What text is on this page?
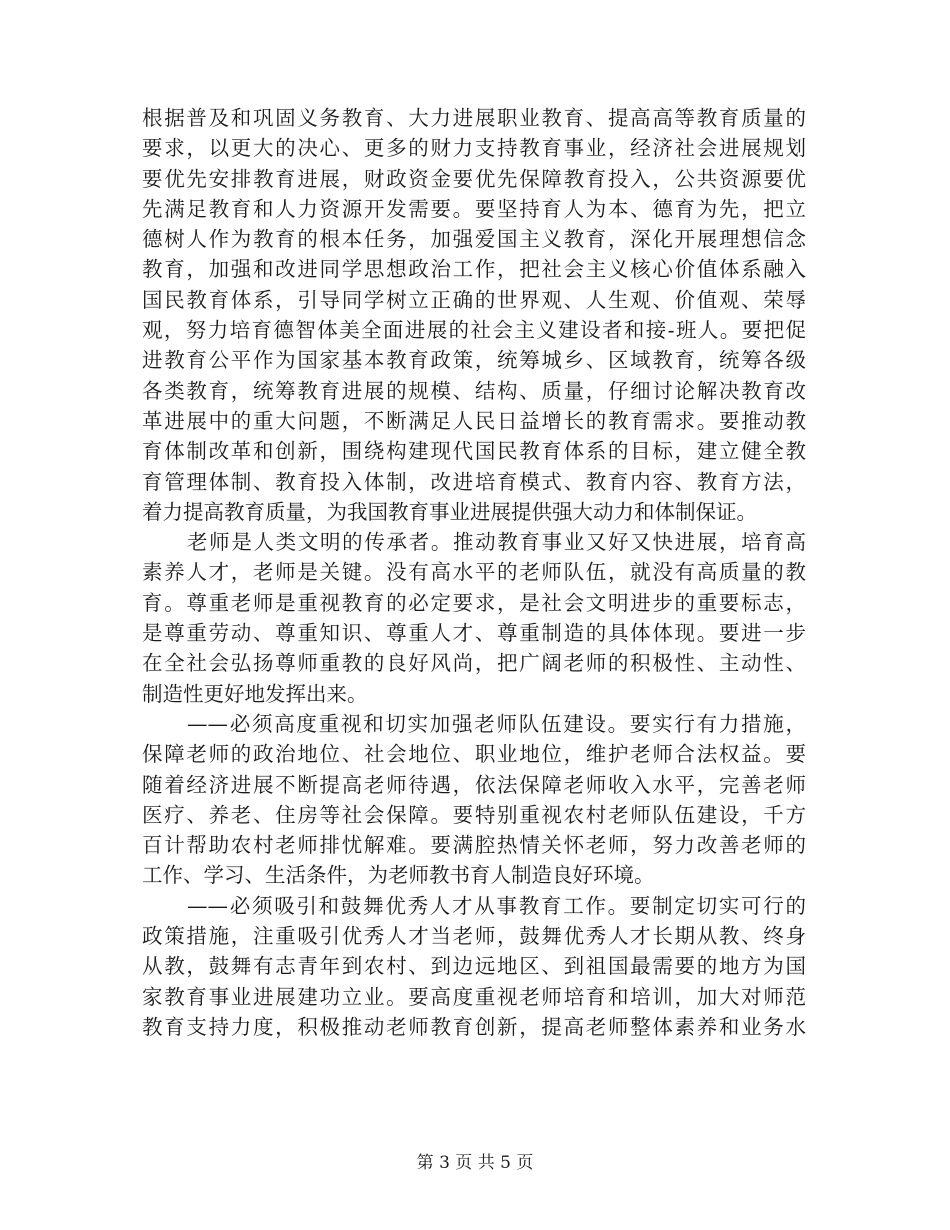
根据普及和巩固义务教育、大力进展职业教育、提高高等教育质量的
要求，以更大的决心、更多的财力支持教育事业，经济社会进展规划
要优先安排教育进展，财政资金要优先保障教育投入，公共资源要优
先满足教育和人力资源开发需要。要坚持育人为本、德育为先，把立
德树人作为教育的根本任务，加强爱国主义教育，深化开展理想信念
教育，加强和改进同学思想政治工作，把社会主义核心价值体系融入
国民教育体系，引导同学树立正确的世界观、人生观、价值观、荣辱
观，努力培育德智体美全面进展的社会主义建设者和接-班人。要把促
进教育公平作为国家基本教育政策，统筹城乡、区域教育，统筹各级
各类教育，统筹教育进展的规模、结构、质量，仔细讨论解决教育改
革进展中的重大问题，不断满足人民日益增长的教育需求。要推动教
育体制改革和创新，围绕构建现代国民教育体系的目标，建立健全教
育管理体制、教育投入体制，改进培育模式、教育内容、教育方法，
着力提高教育质量，为我国教育事业进展提供强大动力和体制保证。
老师是人类文明的传承者。推动教育事业又好又快进展，培育高
素养人才，老师是关键。没有高水平的老师队伍，就没有高质量的教
育。尊重老师是重视教育的必定要求，是社会文明进步的重要标志，
是尊重劳动、尊重知识、尊重人才、尊重制造的具体体现。要进一步
在全社会弘扬尊师重教的良好风尚，把广阔老师的积极性、主动性、
制造性更好地发挥出来。
——必须高度重视和切实加强老师队伍建设。要实行有力措施，
保障老师的政治地位、社会地位、职业地位，维护老师合法权益。要
随着经济进展不断提高老师待遇，依法保障老师收入水平，完善老师
医疗、养老、住房等社会保障。要特别重视农村老师队伍建设，千方
百计帮助农村老师排忧解难。要满腔热情关怀老师，努力改善老师的
工作、学习、生活条件，为老师教书育人制造良好环境。
——必须吸引和鼓舞优秀人才从事教育工作。要制定切实可行的
政策措施，注重吸引优秀人才当老师，鼓舞优秀人才长期从教、终身
从教，鼓舞有志青年到农村、到边远地区、到祖国最需要的地方为国
家教育事业进展建功立业。要高度重视老师培育和培训，加大对师范
教育支持力度，积极推动老师教育创新，提高老师整体素养和业务水
第 3 页 共 5 页
